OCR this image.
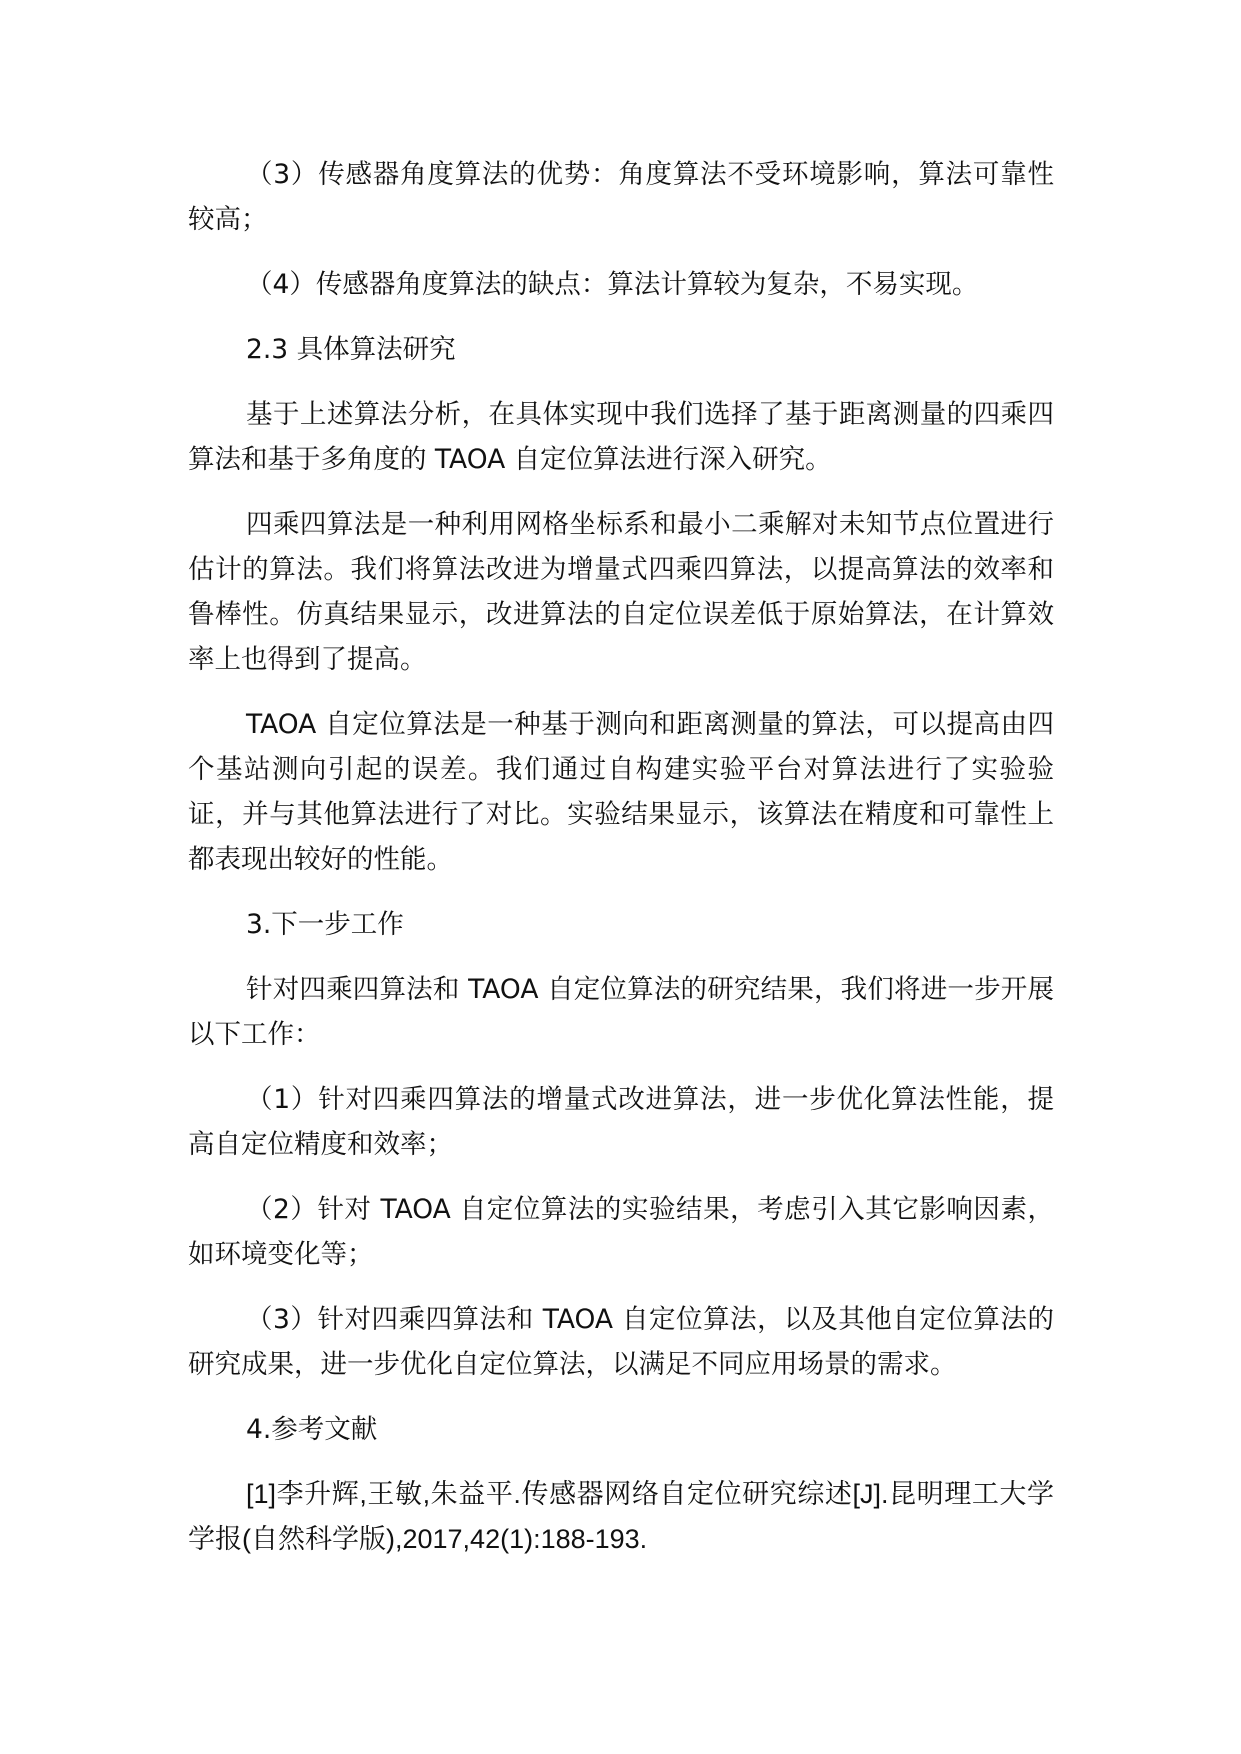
（3）传感器角度算法的优势：角度算法不受环境影响，算法可靠性较高；

（4）传感器角度算法的缺点：算法计算较为复杂，不易实现。

2.3 具体算法研究

基于上述算法分析，在具体实现中我们选择了基于距离测量的四乘四算法和基于多角度的 TAOA 自定位算法进行深入研究。

四乘四算法是一种利用网格坐标系和最小二乘解对未知节点位置进行估计的算法。我们将算法改进为增量式四乘四算法，以提高算法的效率和鲁棒性。仿真结果显示，改进算法的自定位误差低于原始算法，在计算效率上也得到了提高。

TAOA 自定位算法是一种基于测向和距离测量的算法，可以提高由四个基站测向引起的误差。我们通过自构建实验平台对算法进行了实验验证，并与其他算法进行了对比。实验结果显示，该算法在精度和可靠性上都表现出较好的性能。

3.下一步工作

针对四乘四算法和 TAOA 自定位算法的研究结果，我们将进一步开展以下工作：

（1）针对四乘四算法的增量式改进算法，进一步优化算法性能，提高自定位精度和效率；

（2）针对 TAOA 自定位算法的实验结果，考虑引入其它影响因素，如环境变化等；

（3）针对四乘四算法和 TAOA 自定位算法，以及其他自定位算法的研究成果，进一步优化自定位算法，以满足不同应用场景的需求。

4.参考文献

[1]李升辉,王敏,朱益平.传感器网络自定位研究综述[J].昆明理工大学学报(自然科学版),2017,42(1):188-193.
